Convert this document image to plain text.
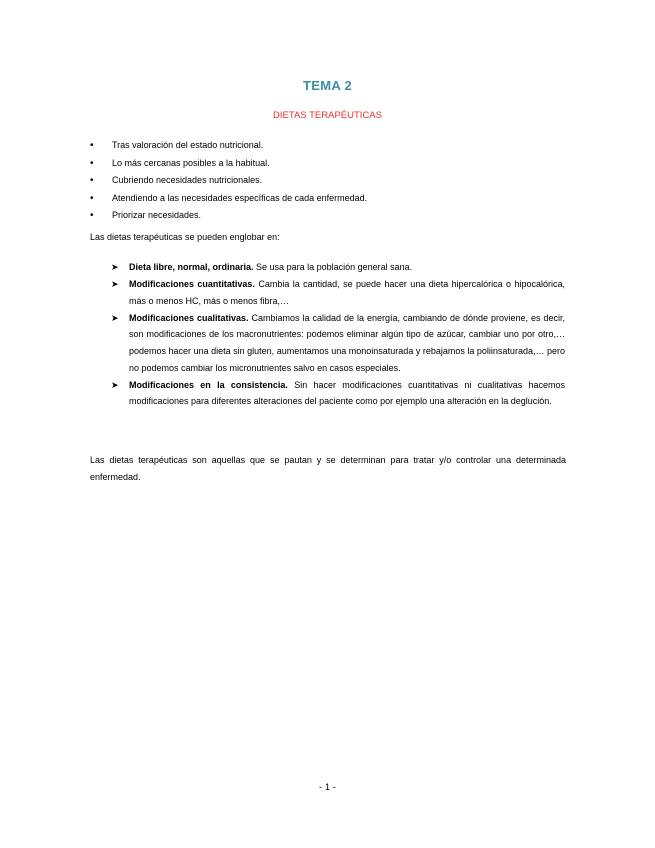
TEMA 2
DIETAS TERAPÉUTICAS
• Tras valoración del estado nutricional.
• Lo más cercanas posibles a la habitual.
• Cubriendo necesidades nutricionales.
• Atendiendo a las necesidades específicas de cada enfermedad.
• Priorizar necesidades.
Las dietas terapéuticas se pueden englobar en:
➤ Dieta libre, normal, ordinaria. Se usa para la población general sana.
➤ Modificaciones cuantitativas. Cambia la cantidad, se puede hacer una dieta hipercalórica o hipocalórica, más o menos HC, más o menos fibra,…
➤ Modificaciones cualitativas. Cambiamos la calidad de la energía, cambiando de dónde proviene, es decir, son modificaciones de los macronutrientes: podemos eliminar algún tipo de azúcar, cambiar uno por otro,… podemos hacer una dieta sin gluten, aumentamos una monoinsaturada y rebajamos la poliinsaturada,… pero no podemos cambiar los micronutrientes salvo en casos especiales.
➤ Modificaciones en la consistencia. Sin hacer modificaciones cuantitativas ni cualitativas hacemos modificaciones para diferentes alteraciones del paciente como por ejemplo una alteración en la deglución.
Las dietas terapéuticas son aquellas que se pautan y se determinan para tratar y/o controlar una determinada enfermedad.
- 1 -
